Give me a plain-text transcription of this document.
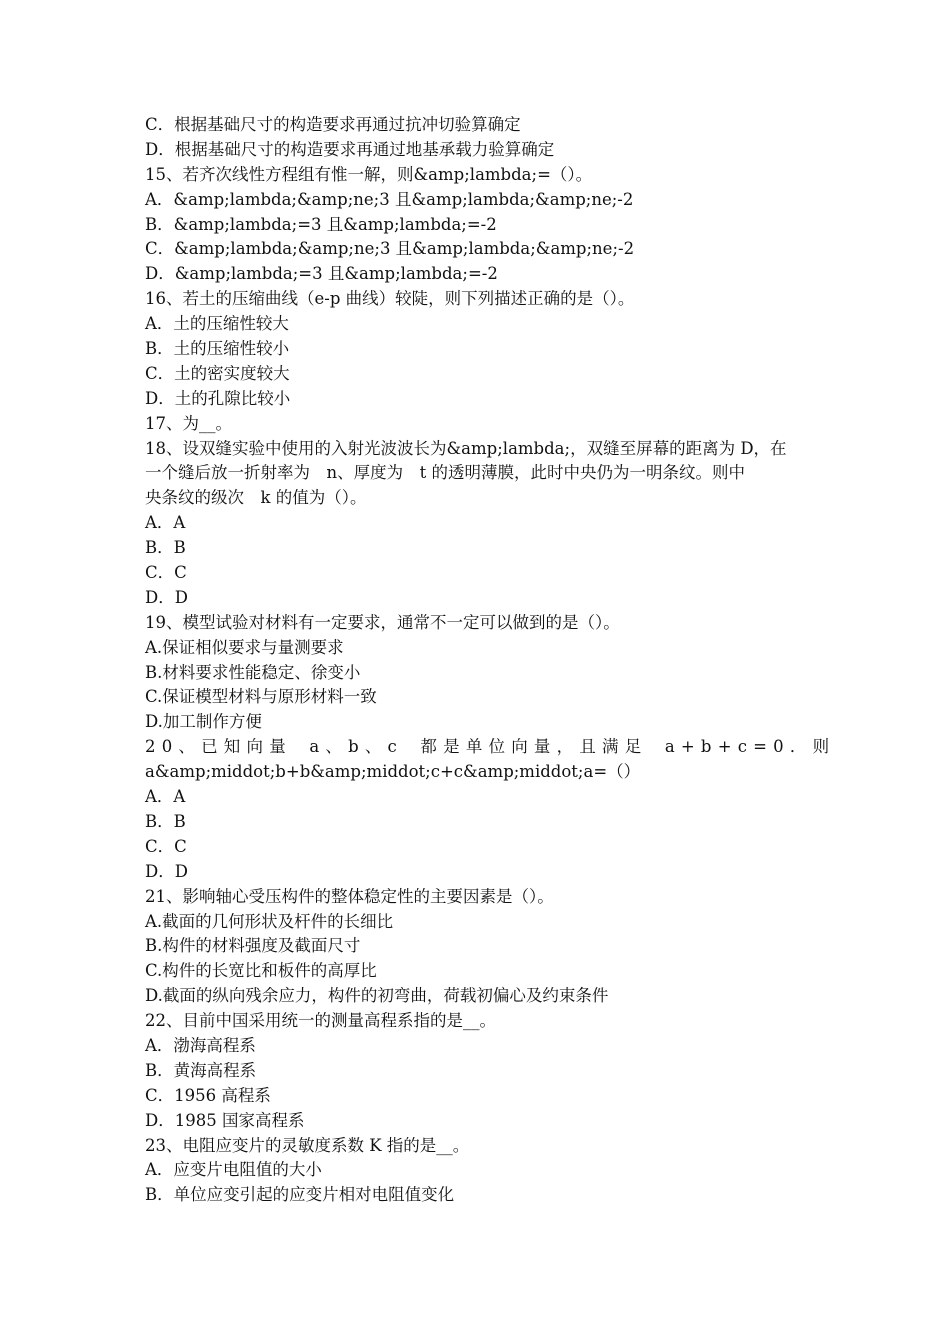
C．根据基础尺寸的构造要求再通过抗冲切验算确定
D．根据基础尺寸的构造要求再通过地基承载力验算确定
15、若齐次线性方程组有惟一解，则&amp;lambda;=（）。
A．&amp;lambda;&amp;ne;3 且&amp;lambda;&amp;ne;-2
B．&amp;lambda;=3 且&amp;lambda;=-2
C．&amp;lambda;&amp;ne;3 且&amp;lambda;&amp;ne;-2
D．&amp;lambda;=3 且&amp;lambda;=-2
16、若土的压缩曲线（e-p 曲线）较陡，则下列描述正确的是（）。
A．土的压缩性较大
B．土的压缩性较小
C．土的密实度较大
D．土的孔隙比较小
17、为__。
18、设双缝实验中使用的入射光波波长为&amp;lambda;，双缝至屏幕的距离为 D，在
一个缝后放一折射率为　n、厚度为　t 的透明薄膜，此时中央仍为一明条纹。则中
央条纹的级次　k 的值为（）。
A．A
B．B
C．C
D．D
19、模型试验对材料有一定要求，通常不一定可以做到的是（）。
A.保证相似要求与量测要求
B.材料要求性能稳定、徐变小
C.保证模型材料与原形材料一致
D.加工制作方便
20、已知向量 a、b、c 都是单位向量，且满足 a+b+c=0．则
a&amp;middot;b+b&amp;middot;c+c&amp;middot;a=（）
A．A
B．B
C．C
D．D
21、影响轴心受压构件的整体稳定性的主要因素是（）。
A.截面的几何形状及杆件的长细比
B.构件的材料强度及截面尺寸
C.构件的长宽比和板件的高厚比
D.截面的纵向残余应力，构件的初弯曲，荷载初偏心及约束条件
22、目前中国采用统一的测量高程系指的是__。
A．渤海高程系
B．黄海高程系
C．1956 高程系
D．1985 国家高程系
23、电阻应变片的灵敏度系数 K 指的是__。
A．应变片电阻值的大小
B．单位应变引起的应变片相对电阻值变化
